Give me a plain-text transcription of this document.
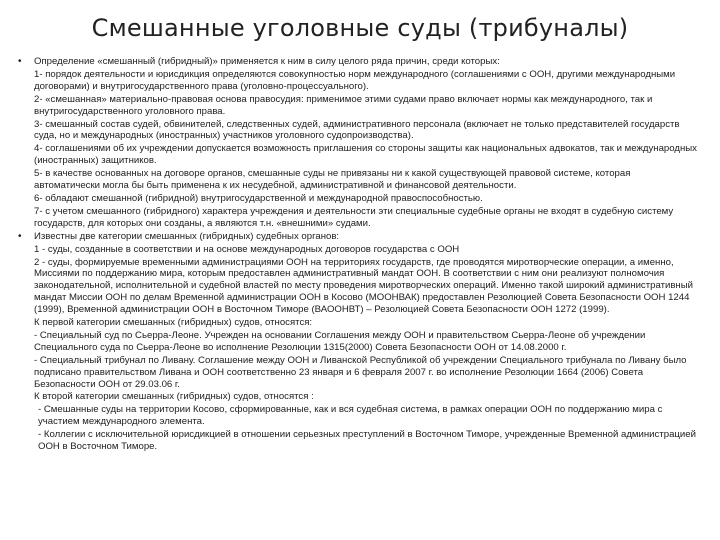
Смешанные уголовные суды (трибуналы)
• Определение «смешанный (гибридный)» применяется к ним в силу целого ряда причин, среди которых:
1- порядок деятельности и юрисдикция определяются совокупностью норм международного (соглашениями с ООН, другими международными договорами) и внутригосударственного права (уголовно-процессуального).
2- «смешанная» материально-правовая основа правосудия: применимое этими судами право включает нормы как международного, так и внутригосударственного уголовного права.
3- смешанный состав судей, обвинителей, следственных судей, административного персонала (включает не только представителей государств суда, но и международных (иностранных) участников уголовного судопроизводства).
4- соглашениями об их учреждении допускается возможность приглашения со стороны защиты как национальных адвокатов, так и международных (иностранных) защитников.
5- в качестве основанных на договоре органов, смешанные суды не привязаны ни к какой существующей правовой системе, которая автоматически могла бы быть применена к их несудебной, административной и финансовой деятельности.
6- обладают смешанной (гибридной) внутригосударственной и международной правоспособностью.
7- с учетом смешанного (гибридного) характера учреждения и деятельности эти специальные судебные органы не входят в судебную систему государств, для которых они созданы, а являются т.н. «внешними» судами.
• Известны две категории смешанных (гибридных) судебных органов:
1 - суды, созданные в соответствии и на основе международных договоров государства с ООН
2 - суды, формируемые временными администрациями ООН на территориях государств, где проводятся миротворческие операции, а именно, Миссиями по поддержанию мира, которым предоставлен административный мандат ООН. В соответствии с ним они реализуют полномочия законодательной, исполнительной и судебной властей по месту проведения миротворческих операций. Именно такой широкий административный мандат Миссии ООН по делам Временной администрации ООН в Косово (МООНВАК) предоставлен Резолюцией Совета Безопасности ООН 1244 (1999), Временной администрации ООН в Восточном Тиморе (ВАООНВТ) – Резолюцией Совета Безопасности ООН 1272 (1999).
К первой категории смешанных (гибридных) судов, относятся:
- Специальный суд по Сьерра-Леоне. Учрежден на основании Соглашения между ООН и правительством Сьерра-Леоне об учреждении Специального суда по Сьерра-Леоне во исполнение Резолюции 1315(2000) Совета Безопасности ООН от 14.08.2000 г.
- Специальный трибунал по Ливану. Соглашение между ООН и Ливанской Республикой об учреждении Специального трибунала по Ливану было подписано правительством Ливана и ООН соответственно 23 января и 6 февраля 2007 г. во исполнение Резолюции 1664 (2006) Совета Безопасности ООН от 29.03.06 г.
К второй категории смешанных (гибридных) судов, относятся :
- Смешанные суды на территории Косово, сформированные, как и вся судебная система, в рамках операции ООН по поддержанию мира с участием международного элемента.
- Коллегии с исключительной юрисдикцией в отношении серьезных преступлений в Восточном Тиморе, учрежденные Временной администрацией ООН в Восточном Тиморе.
